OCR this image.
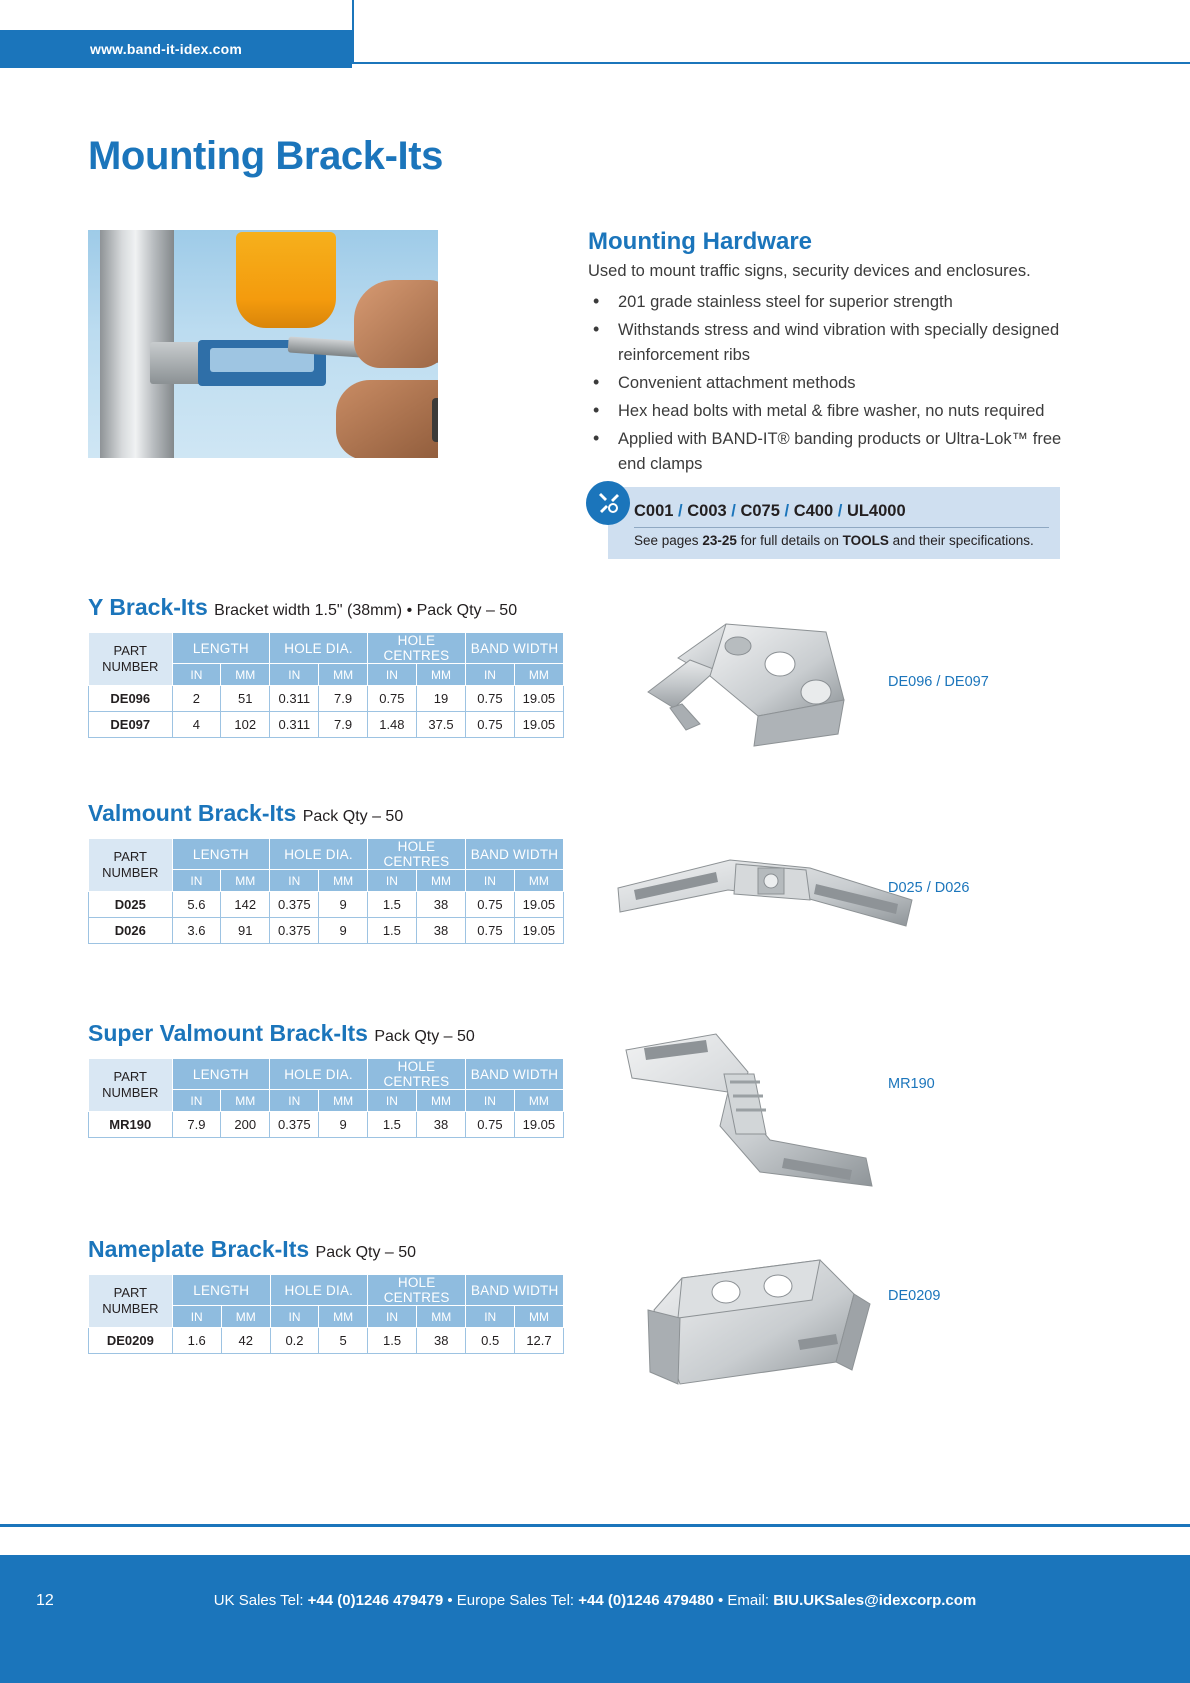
www.band-it-idex.com
Mounting Brack-Its
Mounting Hardware
Used to mount traffic signs, security devices and enclosures.
• 201 grade stainless steel for superior strength
• Withstands stress and wind vibration with specially designed reinforcement ribs
• Convenient attachment methods
• Hex head bolts with metal & fibre washer, no nuts required
• Applied with BAND-IT® banding products or Ultra-Lok™ free end clamps
C001 / C003 / C075 / C400 / UL4000
See pages 23-25 for full details on TOOLS and their specifications.
Y Brack-Its Bracket width 1.5" (38mm) • Pack Qty – 50
PART
NUMBER	LENGTH		HOLE DIA.		HOLE CENTRES		BAND WIDTH	
	IN	MM	IN	MM	IN	MM	IN	MM
DE096	2	51	0.311	7.9	0.75	19	0.75	19.05
DE097	4	102	0.311	7.9	1.48	37.5	0.75	19.05
DE096 / DE097
Valmount Brack-Its Pack Qty – 50
PART
NUMBER	LENGTH		HOLE DIA.		HOLE CENTRES		BAND WIDTH	
	IN	MM	IN	MM	IN	MM	IN	MM
D025	5.6	142	0.375	9	1.5	38	0.75	19.05
D026	3.6	91	0.375	9	1.5	38	0.75	19.05
D025 / D026
Super Valmount Brack-Its Pack Qty – 50
PART
NUMBER	LENGTH		HOLE DIA.		HOLE CENTRES		BAND WIDTH	
	IN	MM	IN	MM	IN	MM	IN	MM
MR190	7.9	200	0.375	9	1.5	38	0.75	19.05
MR190
Nameplate Brack-Its Pack Qty – 50
PART
NUMBER	LENGTH		HOLE DIA.		HOLE CENTRES		BAND WIDTH	
	IN	MM	IN	MM	IN	MM	IN	MM
DE0209	1.6	42	0.2	5	1.5	38	0.5	12.7
DE0209
12	UK Sales Tel: +44 (0)1246 479479 • Europe Sales Tel: +44 (0)1246 479480 • Email: BIU.UKSales@idexcorp.com
